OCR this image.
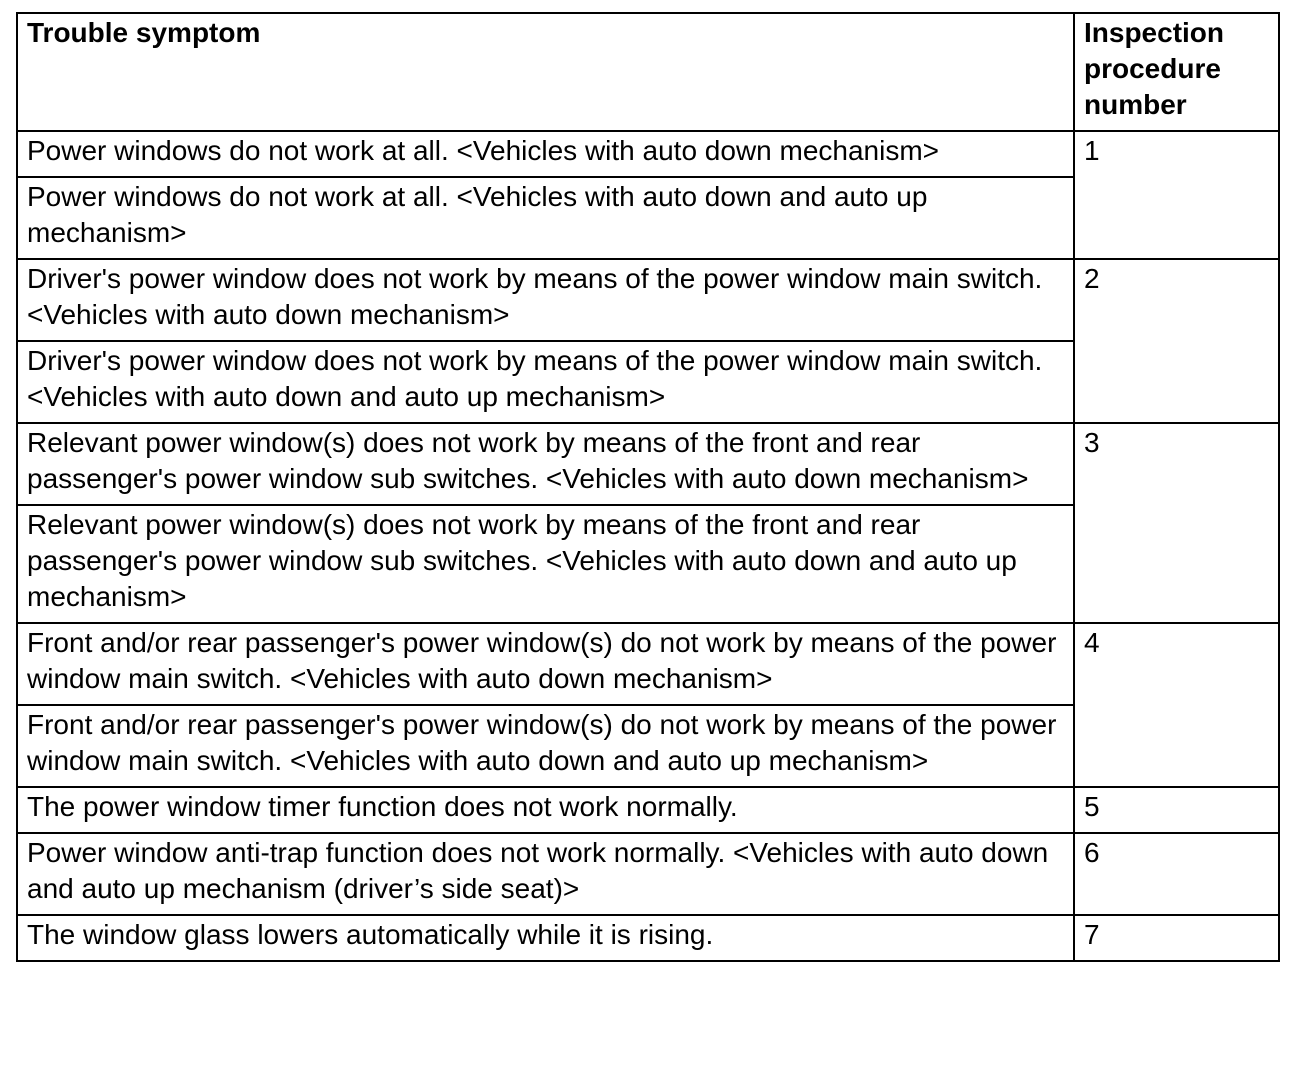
Trouble symptom	Inspection procedure number
Power windows do not work at all. <Vehicles with auto down mechanism>	1
Power windows do not work at all. <Vehicles with auto down and auto up mechanism>	
Driver's power window does not work by means of the power window main switch. <Vehicles with auto down mechanism>	2
Driver's power window does not work by means of the power window main switch. <Vehicles with auto down and auto up mechanism>	
Relevant power window(s) does not work by means of the front and rear passenger's power window sub switches. <Vehicles with auto down mechanism>	3
Relevant power window(s) does not work by means of the front and rear passenger's power window sub switches. <Vehicles with auto down and auto up mechanism>	
Front and/or rear passenger's power window(s) do not work by means of the power window main switch. <Vehicles with auto down mechanism>	4
Front and/or rear passenger's power window(s) do not work by means of the power window main switch. <Vehicles with auto down and auto up mechanism>	
The power window timer function does not work normally.	5
Power window anti-trap function does not work normally. <Vehicles with auto down and auto up mechanism (driver’s side seat)>	6
The window glass lowers automatically while it is rising.	7
